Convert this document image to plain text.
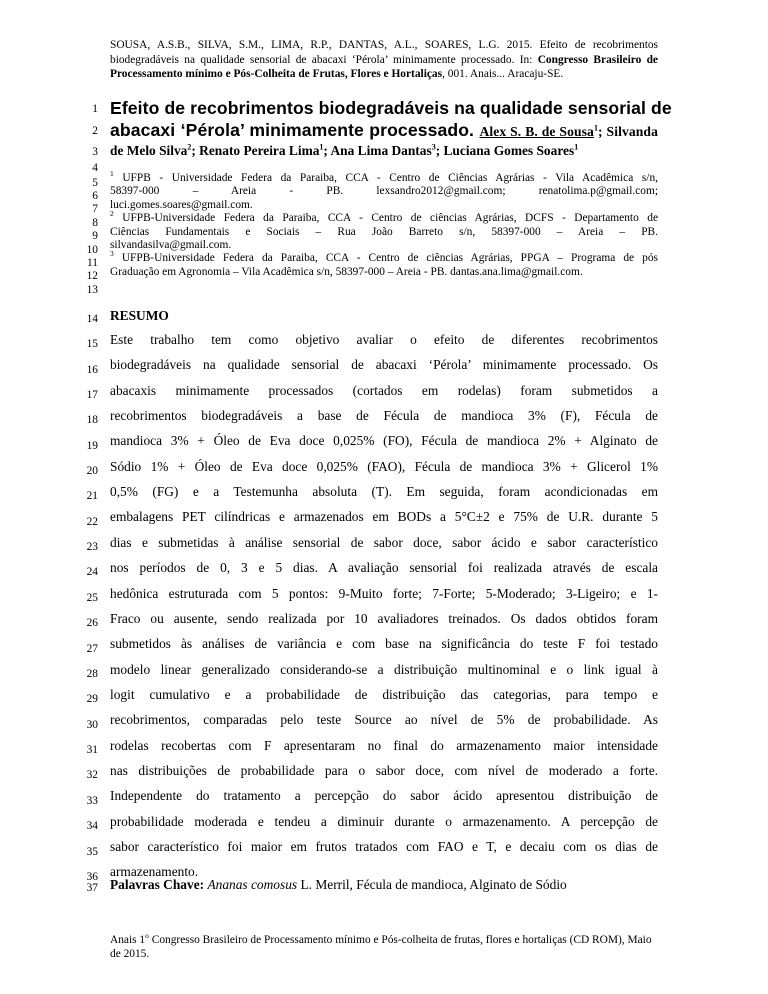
SOUSA, A.S.B., SILVA, S.M., LIMA, R.P., DANTAS, A.L., SOARES, L.G. 2015. Efeito de recobrimentos biodegradáveis na qualidade sensorial de abacaxi ‘Pérola’ minimamente processado. In: Congresso Brasileiro de Processamento mínimo e Pós-Colheita de Frutas, Flores e Hortaliças, 001. Anais... Aracaju-SE.
1
2
3
4
5
6
7
8
9
10
11
12
13
14
15
16
17
18
19
20
21
22
23
24
25
26
27
28
29
30
31
32
33
34
35
36
37
Efeito de recobrimentos biodegradáveis na qualidade sensorial de
abacaxi ‘Pérola’ minimamente processado. Alex S. B. de Sousa$^1$; Silvanda
de Melo Silva$^2$; Renato Pereira Lima$^1$; Ana Lima Dantas$^3$; Luciana Gomes Soares$^1$
$^1$ UFPB - Universidade Federa da Paraiba, CCA - Centro de Ciências Agrárias - Vila Acadêmica s/n,
58397-000 – Areia - PB. lexsandro2012@gmail.com; renatolima.p@gmail.com;
luci.gomes.soares@gmail.com.
$^2$ UFPB-Universidade Federa da Paraiba, CCA - Centro de ciências Agrárias, DCFS - Departamento de
Ciências Fundamentais e Sociais – Rua João Barreto s/n, 58397-000 – Areia – PB.
silvandasilva@gmail.com.
$^3$ UFPB-Universidade Federa da Paraiba, CCA - Centro de ciências Agrárias, PPGA – Programa de pós
Graduação em Agronomia – Vila Acadêmica s/n, 58397-000 – Areia - PB. dantas.ana.lima@gmail.com.
RESUMO
Este trabalho tem como objetivo avaliar o efeito de diferentes recobrimentos
biodegradáveis na qualidade sensorial de abacaxi ‘Pérola’ minimamente processado. Os
abacaxis minimamente processados (cortados em rodelas) foram submetidos a
recobrimentos biodegradáveis a base de Fécula de mandioca 3% (F), Fécula de
mandioca 3% + Óleo de Eva doce 0,025% (FO), Fécula de mandioca 2% + Alginato de
Sódio 1% + Óleo de Eva doce 0,025% (FAO), Fécula de mandioca 3% + Glicerol 1%
0,5% (FG) e a Testemunha absoluta (T). Em seguida, foram acondicionadas em
embalagens PET cilíndricas e armazenados em BODs a 5°C±2 e 75% de U.R. durante 5
dias e submetidas à análise sensorial de sabor doce, sabor ácido e sabor característico
nos períodos de 0, 3 e 5 dias. A avaliação sensorial foi realizada através de escala
hedônica estruturada com 5 pontos: 9-Muito forte; 7-Forte; 5-Moderado; 3-Ligeiro; e 1-
Fraco ou ausente, sendo realizada por 10 avaliadores treinados. Os dados obtidos foram
submetidos às análises de variância e com base na significância do teste F foi testado
modelo linear generalizado considerando-se a distribuição multinominal e o link igual à
logit cumulativo e a probabilidade de distribuição das categorias, para tempo e
recobrimentos, comparadas pelo teste Source ao nível de 5% de probabilidade. As
rodelas recobertas com F apresentaram no final do armazenamento maior intensidade
nas distribuições de probabilidade para o sabor doce, com nível de moderado a forte.
Independente do tratamento a percepção do sabor ácido apresentou distribuição de
probabilidade moderada e tendeu a diminuir durante o armazenamento. A percepção de
sabor característico foi maior em frutos tratados com FAO e T, e decaiu com os dias de
armazenamento.
Palavras Chave: Ananas comosus L. Merril, Fécula de mandioca, Alginato de Sódio
Anais 1$^o$ Congresso Brasileiro de Processamento mínimo e Pós-colheita de frutas, flores e hortaliças (CD ROM), Maio de 2015.
